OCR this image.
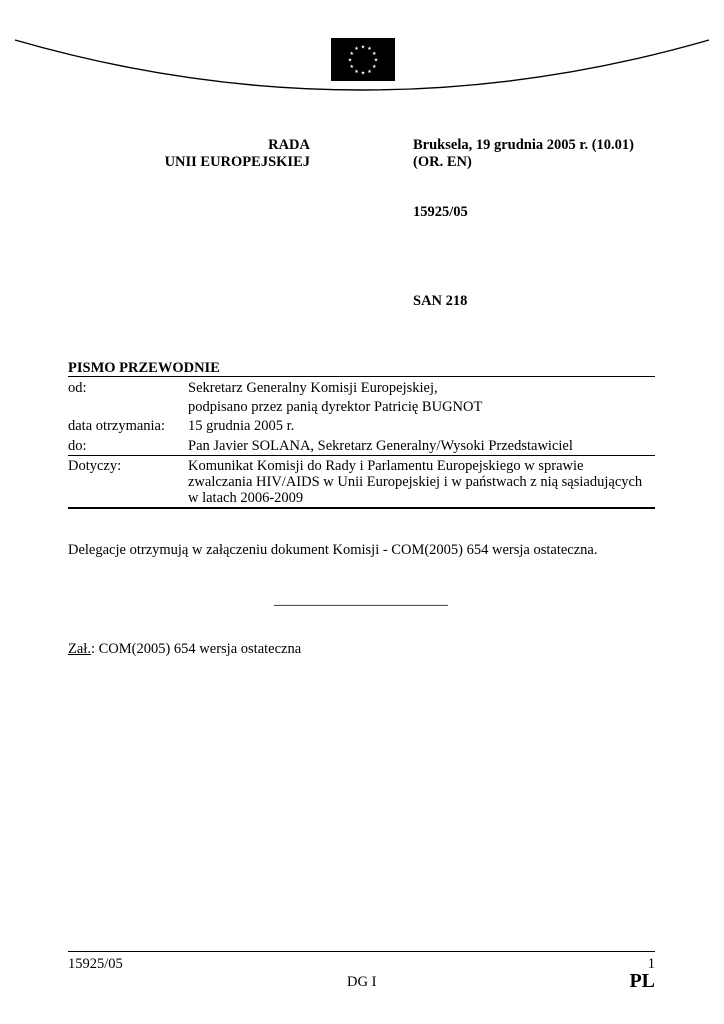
★ ★
★
★
★
★
★
★
★
★
★
★
RADA
UNII EUROPEJSKIEJ
Bruksela, 19 grudnia 2005 r. (10.01)
(OR. EN)
15925/05
SAN 218
PISMO PRZEWODNIE
od:	Sekretarz Generalny Komisji Europejskiej,
podpisano przez panią dyrektor Patricię BUGNOT
data otrzymania: 15 grudnia 2005 r.
do:	Pan Javier SOLANA, Sekretarz Generalny/Wysoki Przedstawiciel
Dotyczy:	Komunikat Komisji do Rady i Parlamentu Europejskiego w sprawie
zwalczania HIV/AIDS w Unii Europejskiej i w państwach z nią sąsiadujących
w latach 2006-2009
Delegacje otrzymują w załączeniu dokument Komisji - COM(2005) 654 wersja ostateczna.
________________________
Zał.: COM(2005) 654 wersja ostateczna
15925/05	1
DG I	PL
